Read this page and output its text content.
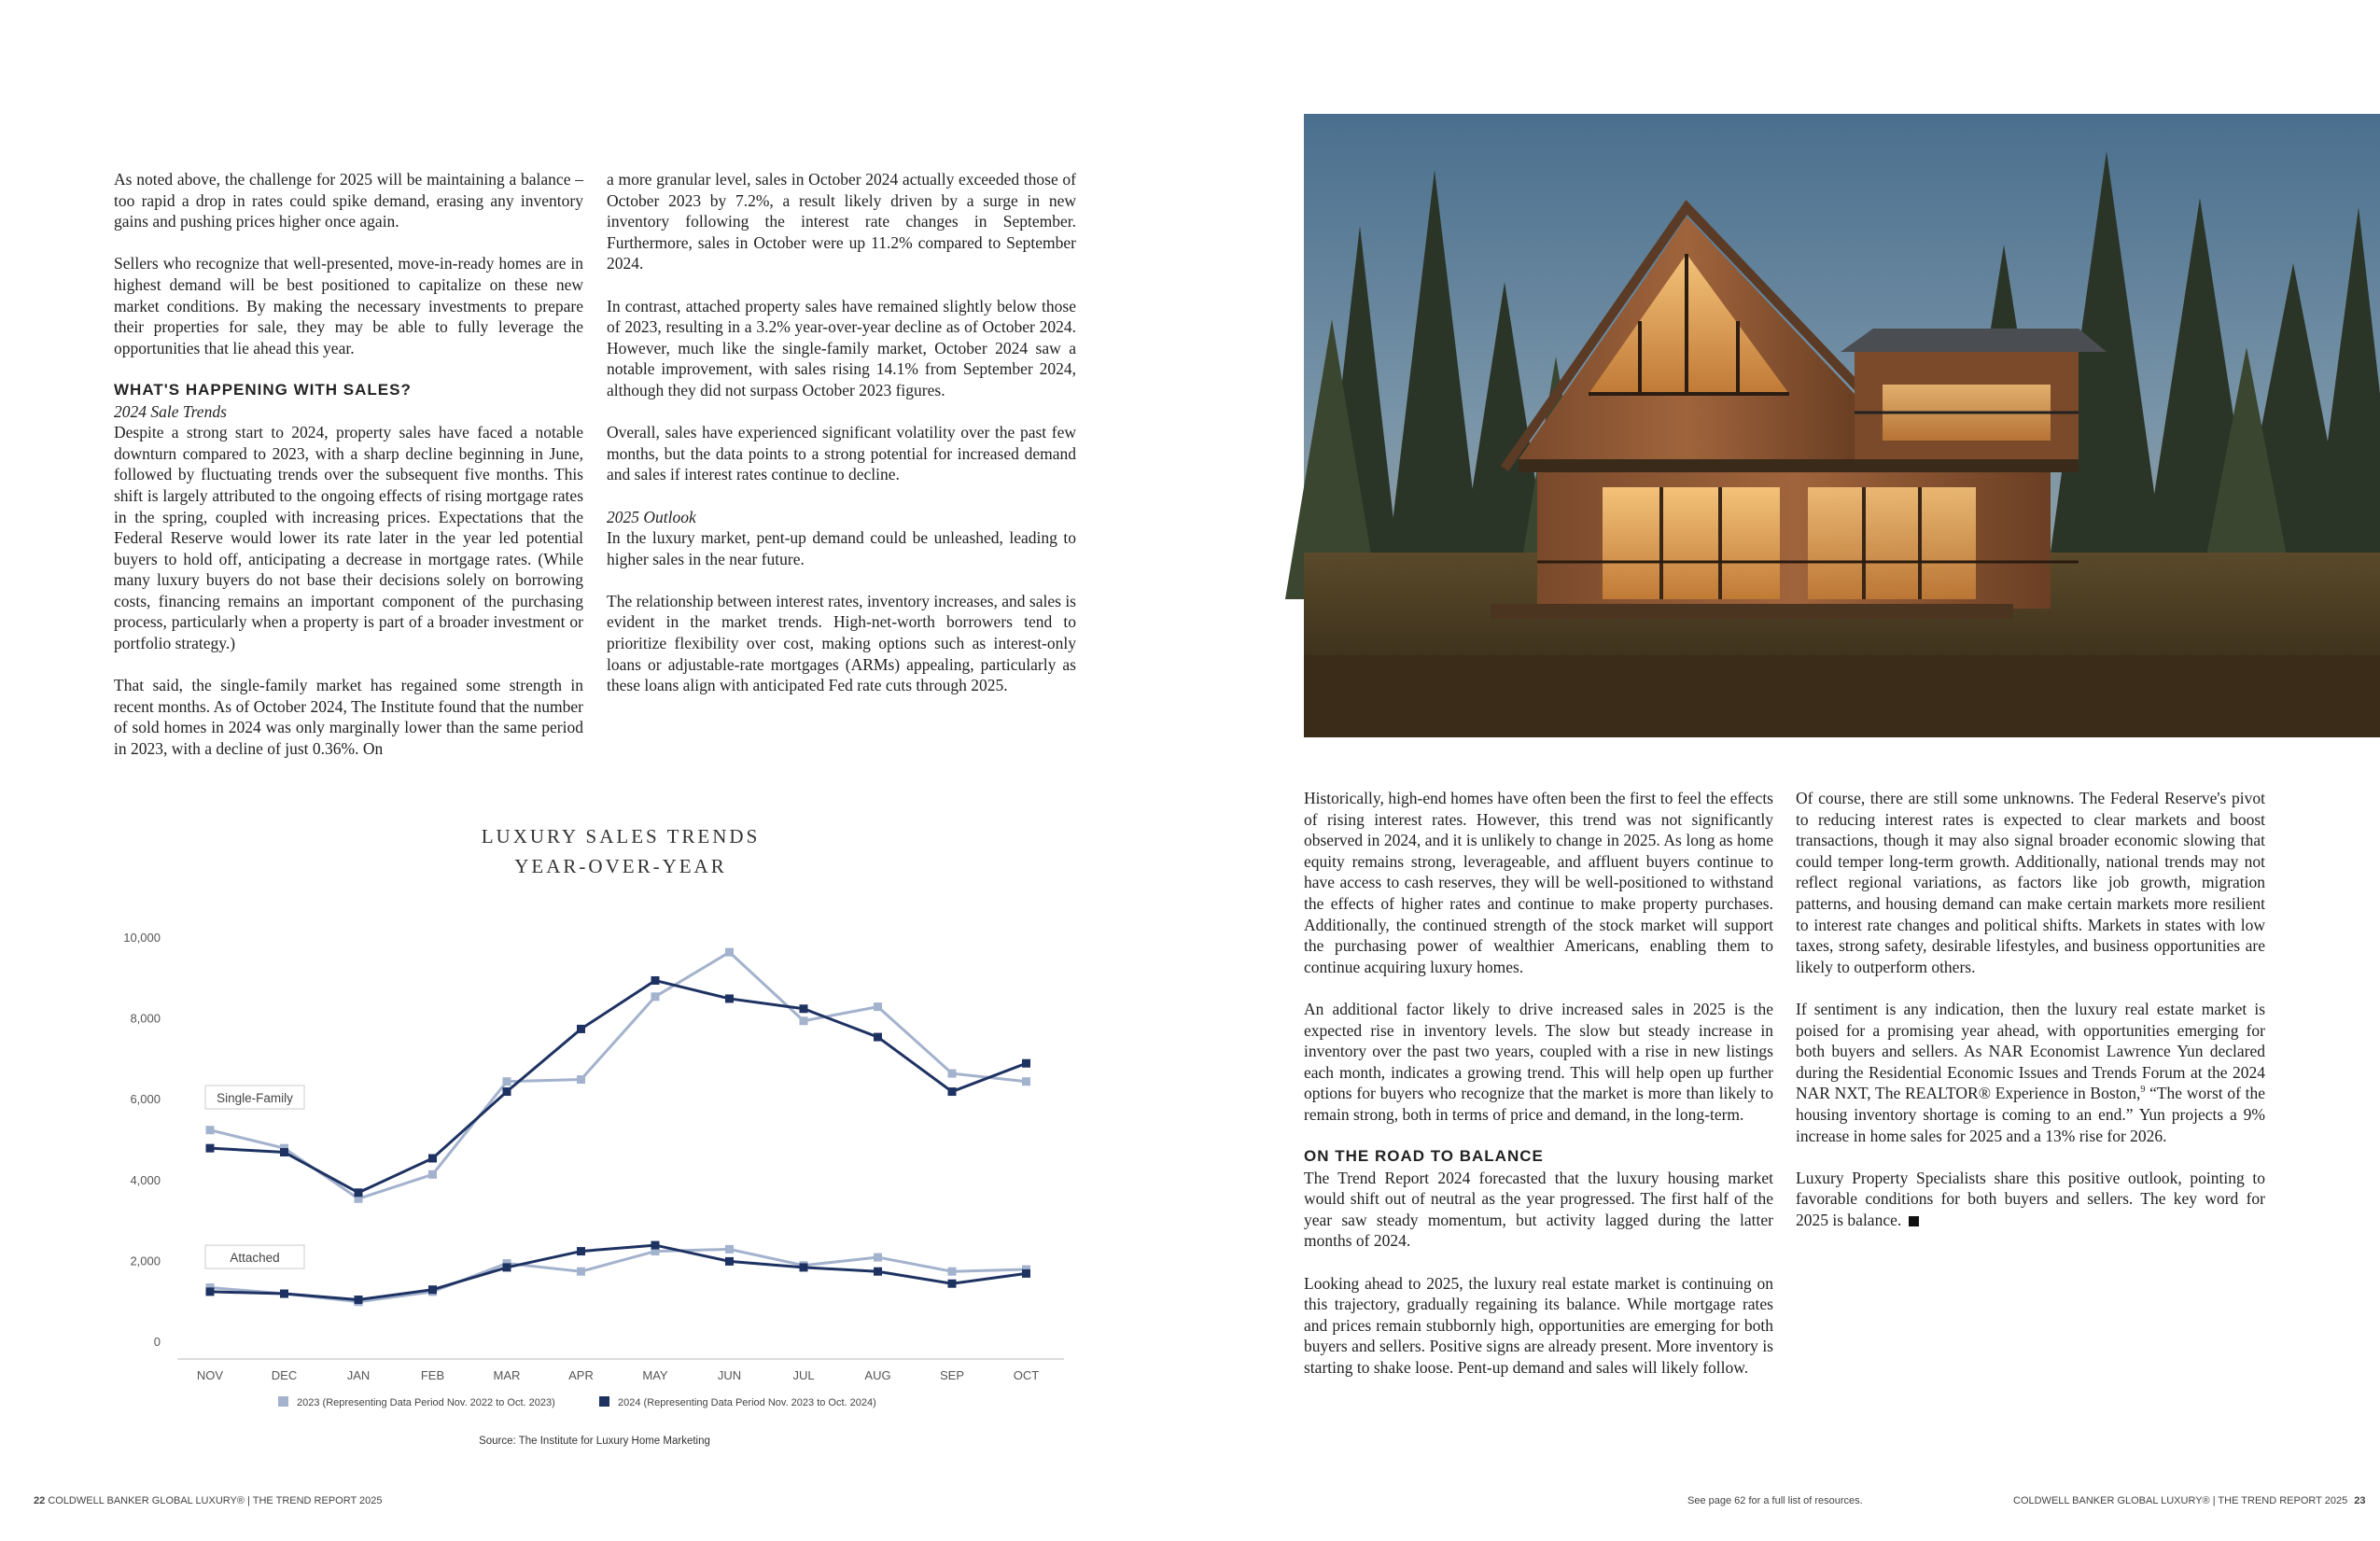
As noted above, the challenge for 2025 will be maintaining a balance – too rapid a drop in rates could spike demand, erasing any inventory gains and pushing prices higher once again.

Sellers who recognize that well-presented, move-in-ready homes are in highest demand will be best positioned to capitalize on these new market conditions. By making the necessary investments to prepare their properties for sale, they may be able to fully leverage the opportunities that lie ahead this year.

WHAT'S HAPPENING WITH SALES?
2024 Sale Trends

Despite a strong start to 2024, property sales have faced a notable downturn compared to 2023, with a sharp decline beginning in June, followed by fluctuating trends over the subsequent five months. This shift is largely attributed to the ongoing effects of rising mortgage rates in the spring, coupled with increasing prices. Expectations that the Federal Reserve would lower its rate later in the year led potential buyers to hold off, anticipating a decrease in mortgage rates. (While many luxury buyers do not base their decisions solely on borrowing costs, financing remains an important component of the purchasing process, particularly when a property is part of a broader investment or portfolio strategy.)

That said, the single-family market has regained some strength in recent months. As of October 2024, The Institute found that the number of sold homes in 2024 was only marginally lower than the same period in 2023, with a decline of just 0.36%. On

a more granular level, sales in October 2024 actually exceeded those of October 2023 by 7.2%, a result likely driven by a surge in new inventory following the interest rate changes in September. Furthermore, sales in October were up 11.2% compared to September 2024.

In contrast, attached property sales have remained slightly below those of 2023, resulting in a 3.2% year-over-year decline as of October 2024. However, much like the single-family market, October 2024 saw a notable improvement, with sales rising 14.1% from September 2024, although they did not surpass October 2023 figures.

Overall, sales have experienced significant volatility over the past few months, but the data points to a strong potential for increased demand and sales if interest rates continue to decline.

2025 Outlook

In the luxury market, pent-up demand could be unleashed, leading to higher sales in the near future.

The relationship between interest rates, inventory increases, and sales is evident in the market trends. High-net-worth borrowers tend to prioritize flexibility over cost, making options such as interest-only loans or adjustable-rate mortgages (ARMs) appealing, particularly as these loans align with anticipated Fed rate cuts through 2025.

LUXURY SALES TRENDS
YEAR-OVER-YEAR
10,000
8,000
6,000
4,000
2,000
0
NOV	DEC	JAN	FEB	MAR	APR	MAY	JUN	JUL	AUG	SEP	OCT
Single-Family
Attached
2023 (Representing Data Period Nov. 2022 to Oct. 2023)	2024 (Representing Data Period Nov. 2023 to Oct. 2024)
Source: The Institute for Luxury Home Marketing

Historically, high-end homes have often been the first to feel the effects of rising interest rates. However, this trend was not significantly observed in 2024, and it is unlikely to change in 2025. As long as home equity remains strong, leverageable, and affluent buyers continue to have access to cash reserves, they will be well-positioned to withstand the effects of higher rates and continue to make property purchases. Additionally, the continued strength of the stock market will support the purchasing power of wealthier Americans, enabling them to continue acquiring luxury homes.

An additional factor likely to drive increased sales in 2025 is the expected rise in inventory levels. The slow but steady increase in inventory over the past two years, coupled with a rise in new listings each month, indicates a growing trend. This will help open up further options for buyers who recognize that the market is more than likely to remain strong, both in terms of price and demand, in the long-term.

ON THE ROAD TO BALANCE

The Trend Report 2024 forecasted that the luxury housing market would shift out of neutral as the year progressed. The first half of the year saw steady momentum, but activity lagged during the latter months of 2024.

Looking ahead to 2025, the luxury real estate market is continuing on this trajectory, gradually regaining its balance. While mortgage rates and prices remain stubbornly high, opportunities are emerging for both buyers and sellers. Positive signs are already present. More inventory is starting to shake loose. Pent-up demand and sales will likely follow.

Of course, there are still some unknowns. The Federal Reserve's pivot to reducing interest rates is expected to clear markets and boost transactions, though it may also signal broader economic slowing that could temper long-term growth. Additionally, national trends may not reflect regional variations, as factors like job growth, migration patterns, and housing demand can make certain markets more resilient to interest rate changes and political shifts. Markets in states with low taxes, strong safety, desirable lifestyles, and business opportunities are likely to outperform others.

If sentiment is any indication, then the luxury real estate market is poised for a promising year ahead, with opportunities emerging for both buyers and sellers. As NAR Economist Lawrence Yun declared during the Residential Economic Issues and Trends Forum at the 2024 NAR NXT, The REALTOR® Experience in Boston,$^9$ “The worst of the housing inventory shortage is coming to an end.” Yun projects a 9% increase in home sales for 2025 and a 13% rise for 2026.

Luxury Property Specialists share this positive outlook, pointing to favorable conditions for both buyers and sellers. The key word for 2025 is balance.

22 COLDWELL BANKER GLOBAL LUXURY® | THE TREND REPORT 2025	See page 62 for a full list of resources.	COLDWELL BANKER GLOBAL LUXURY® | THE TREND REPORT 2025 23
